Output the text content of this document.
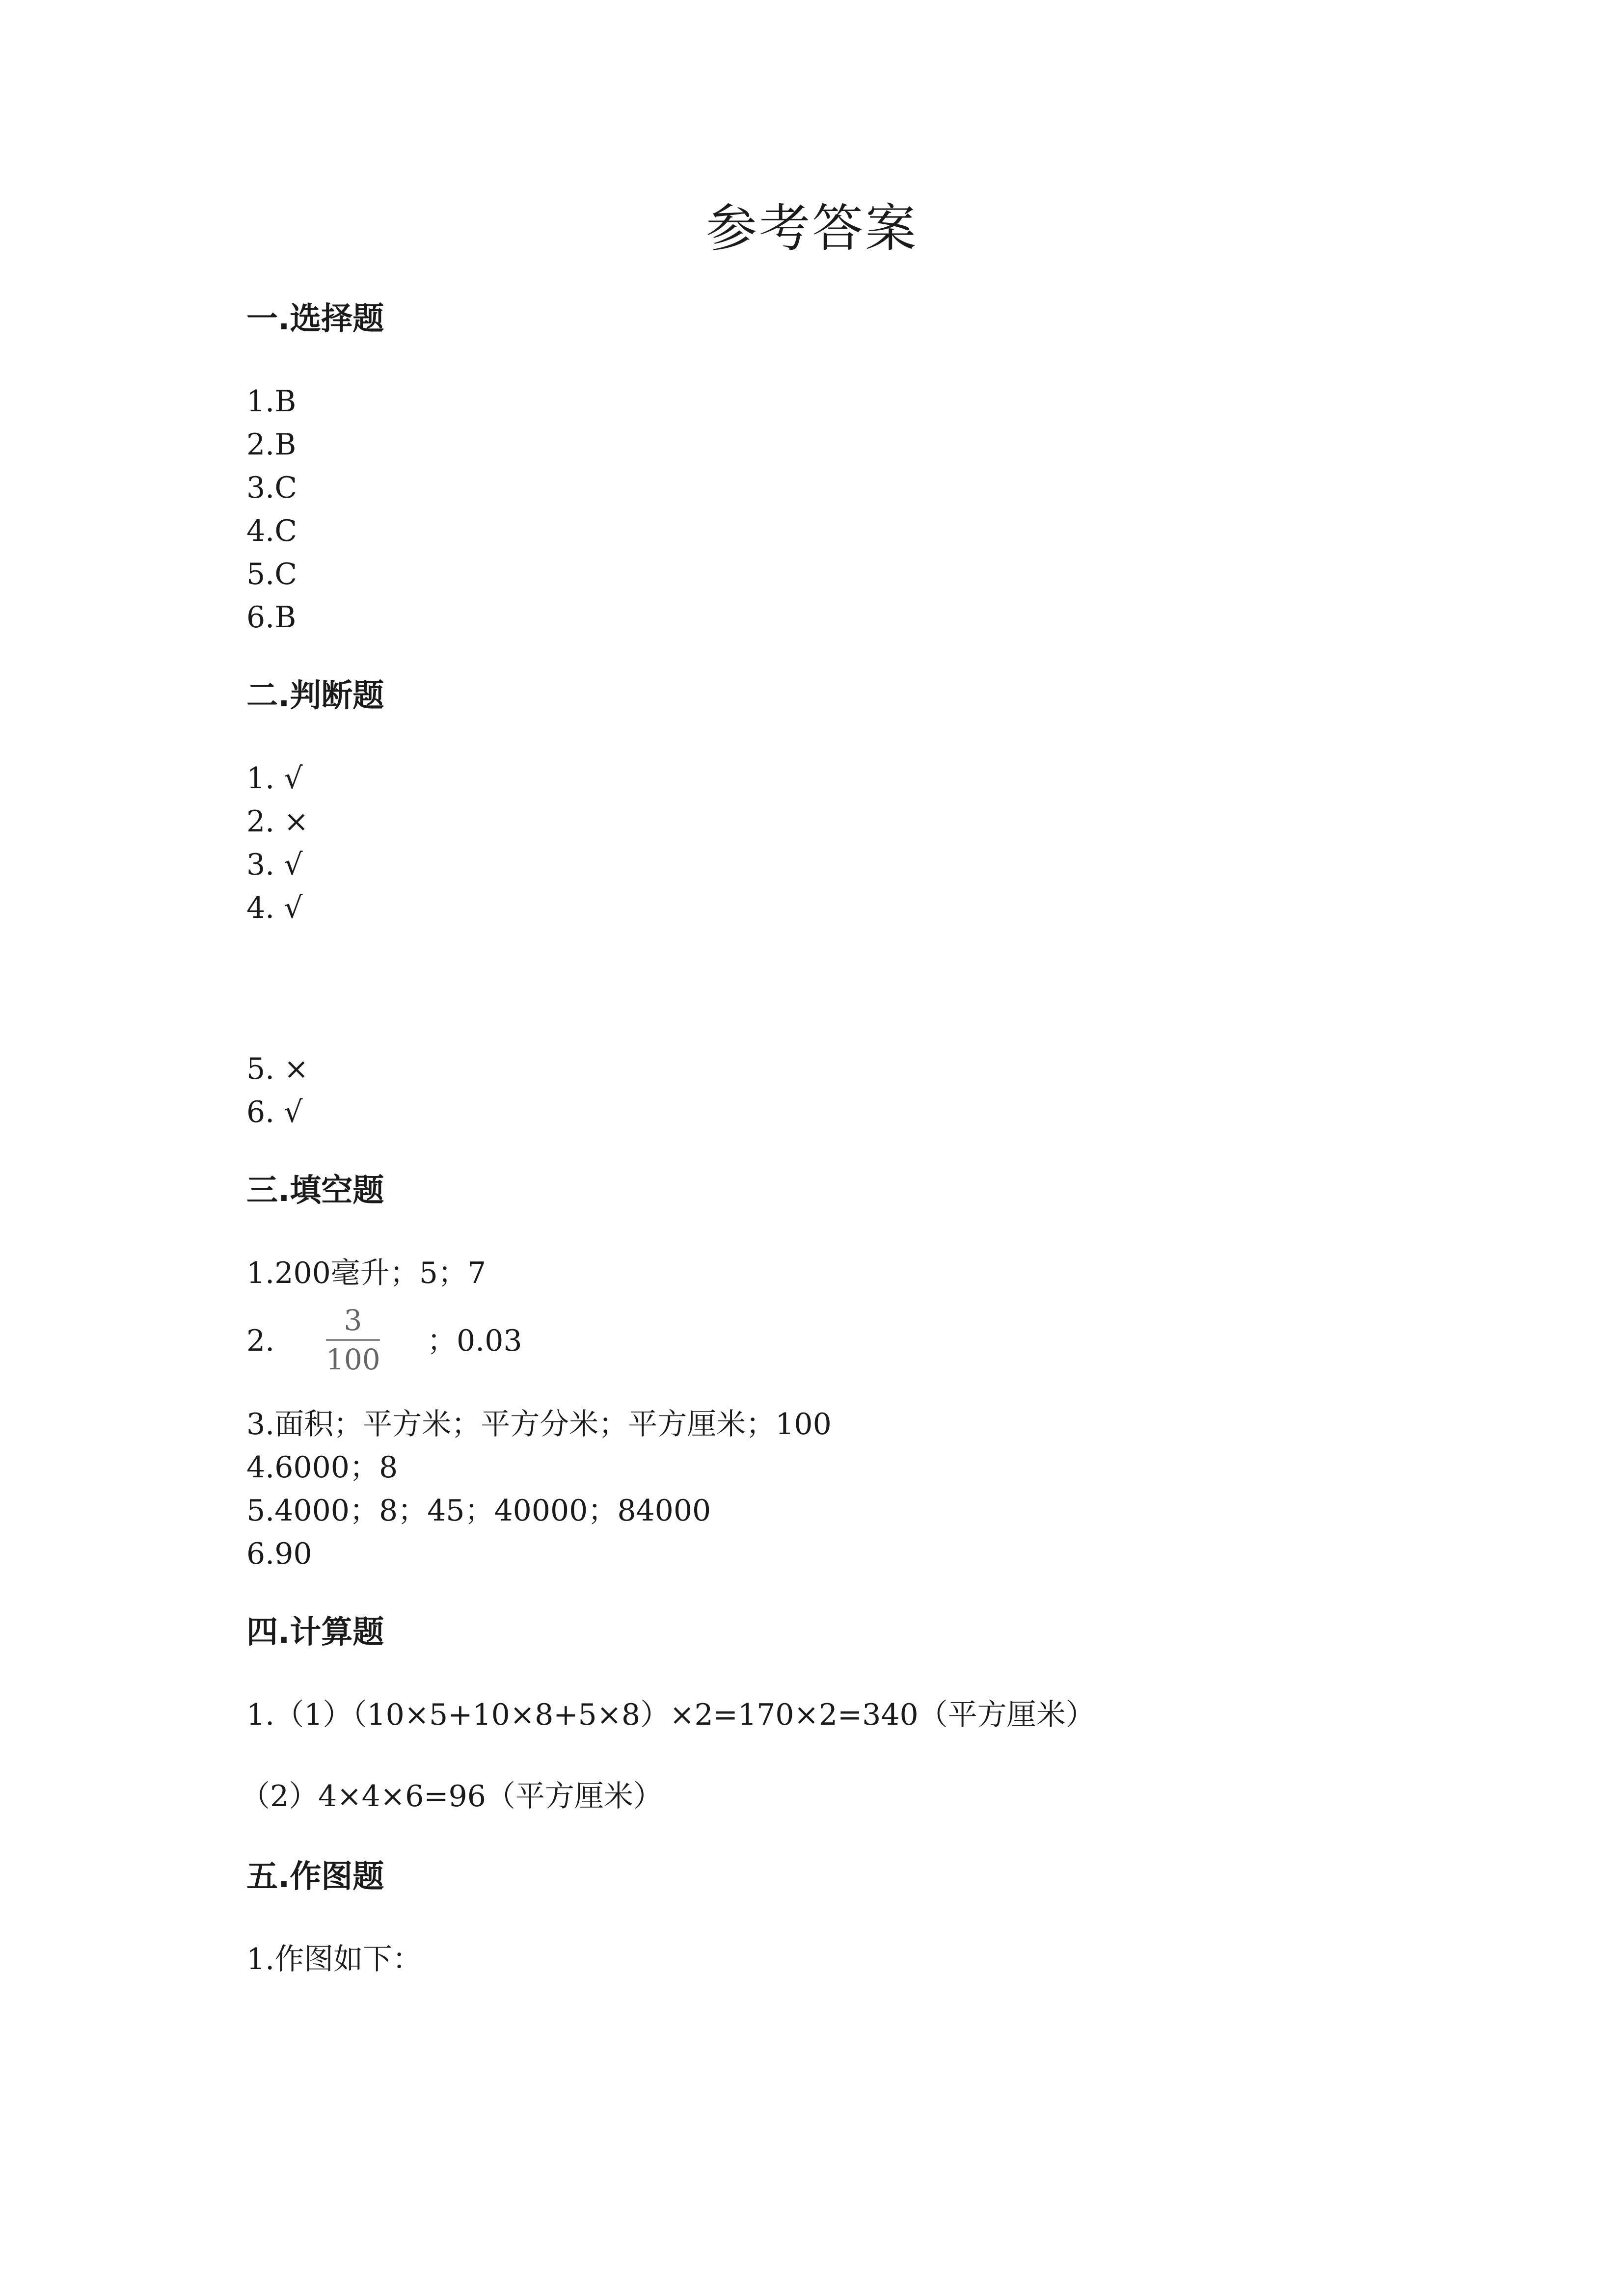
参考答案
一.选择题
1.B
2.B
3.C
4.C
5.C
6.B
二.判断题
1. √
2. ×
3. √
4. √
5. ×
6. √
三.填空题
1.200毫升；5；7
2.
3
100
；0.03
3.面积；平方米；平方分米；平方厘米；100
4.6000；8
5.4000；8；45；40000；84000
6.90
四.计算题
1.（1）（10×5+10×8+5×8）×2=170×2=340（平方厘米）
（2）4×4×6=96（平方厘米）
五.作图题
1.作图如下：
